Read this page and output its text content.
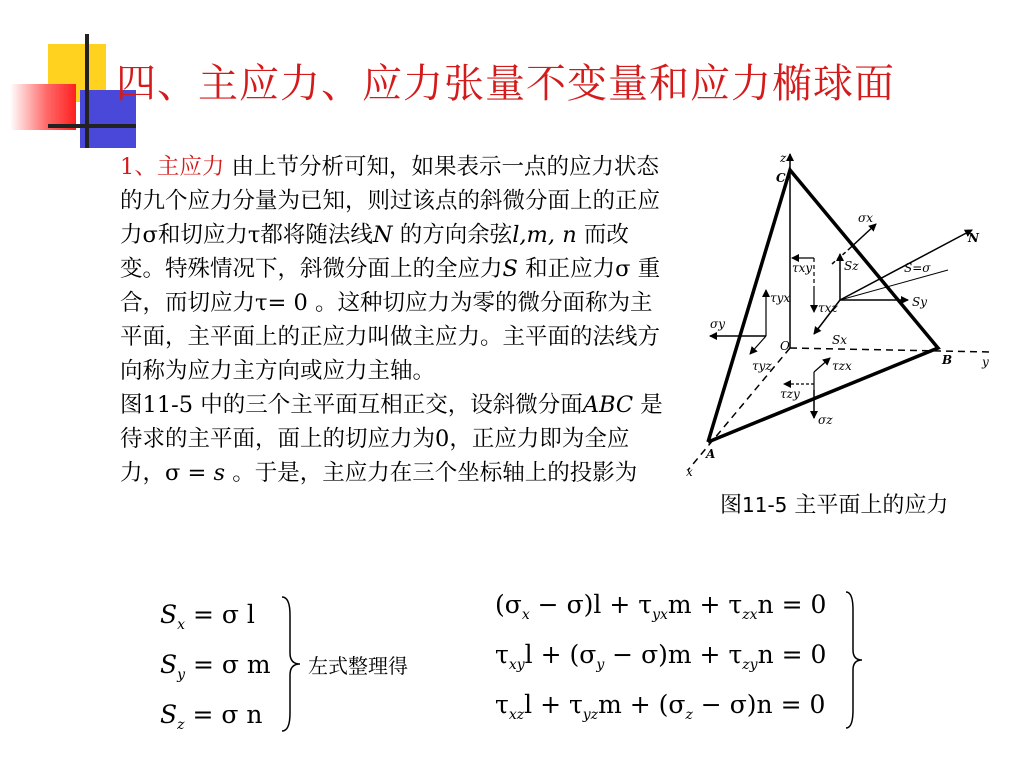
四、主应力、应力张量不变量和应力椭球面

1、主应力 由上节分析可知，如果表示一点的应力状态的九个应力分量为已知，则过该点的斜微分面上的正应力σ和切应力τ都将随法线N 的方向余弦l,m, n 而改变。特殊情况下，斜微分面上的全应力S 和正应力σ 重合，而切应力τ= 0 。这种切应力为零的微分面称为主平面，主平面上的正应力叫做主应力。主平面的法线方向称为应力主方向或应力主轴。

图11-5 中的三个主平面互相正交，设斜微分面ABC 是待求的主平面，面上的切应力为0，正应力即为全应力，σ = s 。于是，主应力在三个坐标轴上的投影为

z
C
N
σx
S=σ
Sz
Sy
τxy
τxz
τyx
σy
O	Sx
B y
τyz	τzx
τzy
σz
A
x
图11-5 主平面上的应力
$S_x = \sigma$ l
$S_y = \sigma$ m
$S_z = \sigma$ n
左式整理得
$(\sigma_x - \sigma)l + \tau_{yx}m + \tau_{zx}n = 0$
$\tau_{xy}l + (\sigma_y - \sigma)m + \tau_{zy}n = 0$
$\tau_{xz}l + \tau_{yz}m + (\sigma_z - \sigma)n = 0$
